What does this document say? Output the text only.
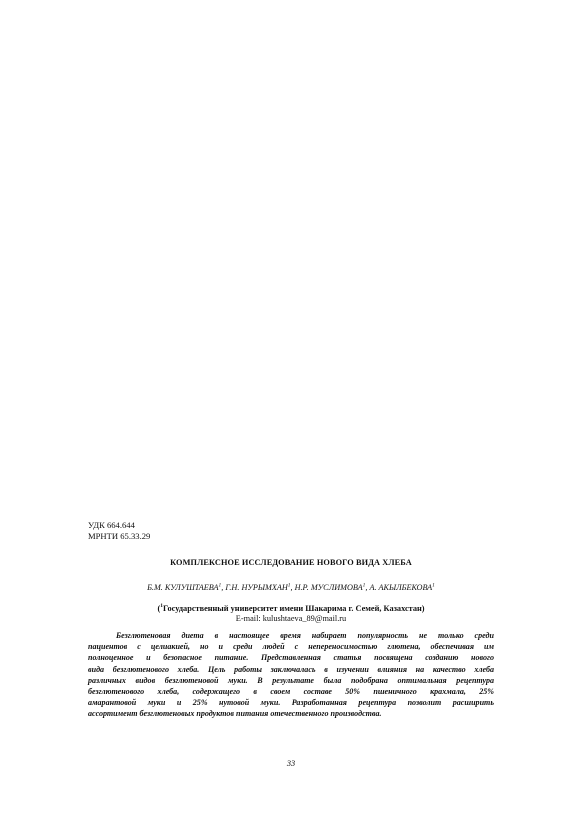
УДК 664.644
МРНТИ 65.33.29
КОМПЛЕКСНОЕ ИССЛЕДОВАНИЕ НОВОГО ВИДА ХЛЕБА
Б.М. КУЛУШТАЕВА$^1$, Г.Н. НУРЫМХАН$^1$, Н.Р. МУСЛИМОВА$^1$, А. АКЫЛБЕКОВА$^1$
($^1$Государственный университет имени Шакарима г. Семей, Казахстан)
E-mail: kulushtaeva_89@mail.ru
Безглютеновая диета в настоящее время набирает популярность не только среди
пациентов с целиакией, но и среди людей с непереносимостью глютена, обеспечивая им
полноценное и безопасное питание. Представленная статья посвящена созданию нового
вида безглютенового хлеба. Цель работы заключалась в изучении влияния на качество хлеба
различных видов безглютеновой муки. В результате была подобрана оптимальная рецептура
безглютенового хлеба, содержащего в своем составе 50% пшеничного крахмала, 25%
амарантовой муки и 25% нутовой муки. Разработанная рецептура позволит расширить
ассортимент безглютеновых продуктов питания отечественного производства.
33
